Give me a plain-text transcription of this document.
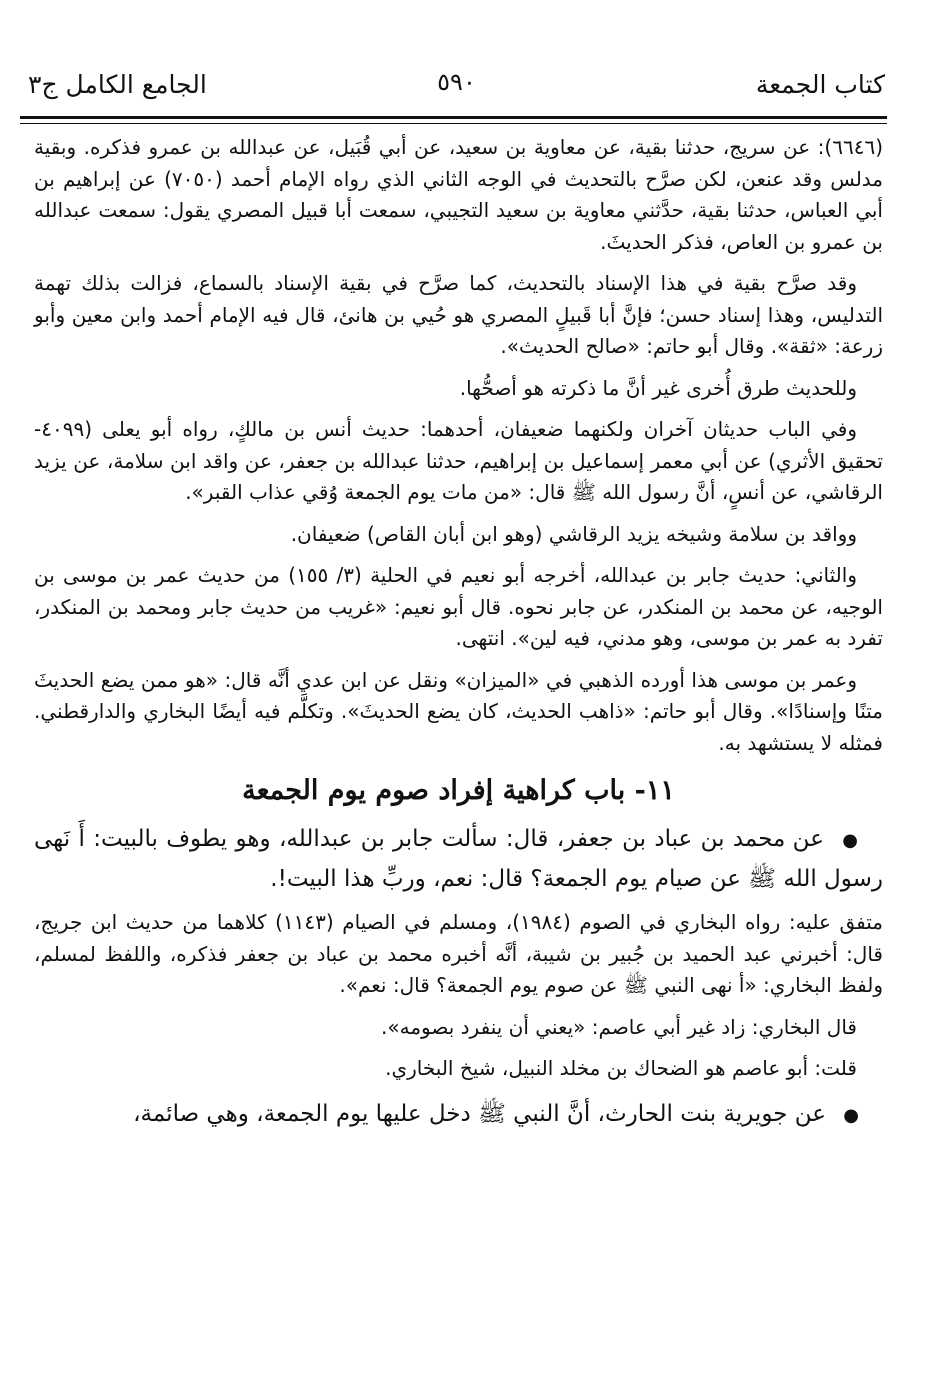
كتاب الجمعة
٥٩٠
الجامع الكامل ج٣

(٦٦٤٦): عن سريج، حدثنا بقية، عن معاوية بن سعيد، عن أبي قُبَيل، عن عبدالله بن عمرو فذكره. وبقية مدلس وقد عنعن، لكن صرَّح بالتحديث في الوجه الثاني الذي رواه الإمام أحمد (٧٠٥٠) عن إبراهيم بن أبي العباس، حدثنا بقية، حدَّثني معاوية بن سعيد التجيبي، سمعت أبا قبيل المصري يقول: سمعت عبدالله بن عمرو بن العاص، فذكر الحديثَ.

وقد صرَّح بقية في هذا الإسناد بالتحديث، كما صرَّح في بقية الإسناد بالسماع، فزالت بذلك تهمة التدليس، وهذا إسناد حسن؛ فإنَّ أبا قَبيلٍ المصري هو حُيي بن هانئ، قال فيه الإمام أحمد وابن معين وأبو زرعة: «ثقة». وقال أبو حاتم: «صالح الحديث».

وللحديث طرق أُخرى غير أنَّ ما ذكرته هو أصحُّها.

وفي الباب حديثان آخران ولكنهما ضعيفان، أحدهما: حديث أنس بن مالكٍ، رواه أبو يعلى (٤٠٩٩- تحقيق الأثري) عن أبي معمر إسماعيل بن إبراهيم، حدثنا عبدالله بن جعفر، عن واقد ابن سلامة، عن يزيد الرقاشي، عن أنسٍ، أنَّ رسول الله ﷺ قال: «من مات يوم الجمعة وُقي عذاب القبر».

وواقد بن سلامة وشيخه يزيد الرقاشي (وهو ابن أبان القاص) ضعيفان.

والثاني: حديث جابر بن عبدالله، أخرجه أبو نعيم في الحلية (٣/ ١٥٥) من حديث عمر بن موسى بن الوجيه، عن محمد بن المنكدر، عن جابر نحوه. قال أبو نعيم: «غريب من حديث جابر ومحمد بن المنكدر، تفرد به عمر بن موسى، وهو مدني، فيه لين». انتهى.

وعمر بن موسى هذا أورده الذهبي في «الميزان» ونقل عن ابن عدي أنَّه قال: «هو ممن يضع الحديثَ متنًا وإسنادًا». وقال أبو حاتم: «ذاهب الحديث، كان يضع الحديثَ». وتكلَّم فيه أيضًا البخاري والدارقطني. فمثله لا يستشهد به.

١١- باب كراهية إفراد صوم يوم الجمعة

● عن محمد بن عباد بن جعفر، قال: سألت جابر بن عبدالله، وهو يطوف بالبيت: أَ نَهى رسول الله ﷺ عن صيام يوم الجمعة؟ قال: نعم، وربِّ هذا البيت!.

متفق عليه: رواه البخاري في الصوم (١٩٨٤)، ومسلم في الصيام (١١٤٣) كلاهما من حديث ابن جريج، قال: أخبرني عبد الحميد بن جُبير بن شيبة، أنَّه أخبره محمد بن عباد بن جعفر فذكره، واللفظ لمسلم، ولفظ البخاري: «أ نهى النبي ﷺ عن صوم يوم الجمعة؟ قال: نعم».

قال البخاري: زاد غير أبي عاصم: «يعني أن ينفرد بصومه».

قلت: أبو عاصم هو الضحاك بن مخلد النبيل، شيخ البخاري.

● عن جويرية بنت الحارث، أنَّ النبي ﷺ دخل عليها يوم الجمعة، وهي صائمة،
